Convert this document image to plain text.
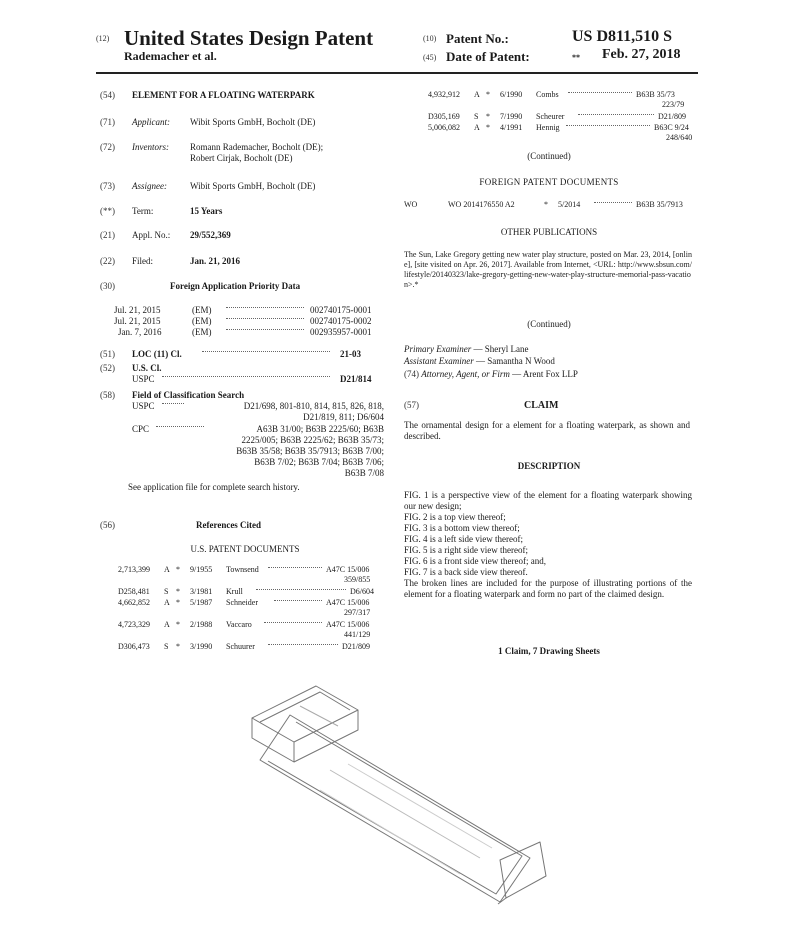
(12) United States Design Patent	(10) Patent No.:	US D811,510 S
Rademacher et al.	(45) Date of Patent:	** Feb. 27, 2018
(54) ELEMENT FOR A FLOATING WATERPARK
(71) Applicant: Wibit Sports GmbH, Bocholt (DE)
(72) Inventors: Romann Rademacher, Bocholt (DE);
Robert Cirjak, Bocholt (DE)
(73) Assignee:	Wibit Sports GmbH, Bocholt (DE)
(**) Term:	15 Years
(21) Appl. No.: 29/552,369
(22) Filed:	Jan. 21, 2016
(30)	Foreign Application Priority Data
Jul. 21, 2015	(EM)	002740175-0001
Jul. 21, 2015	(EM)	002740175-0002
Jan. 7, 2016	(EM)	002935957-0001
(51) LOC (11) Cl.	21-03
(52) U.S. Cl.
USPC	D21/814
(58) Field of Classification Search
USPC	D21/698, 801-810, 814, 815, 826, 818,
D21/819, 811; D6/604
CPC	A63B 31/00; B63B 2225/60; B63B
2225/005; B63B 2225/62; B63B 35/73;
B63B 35/58; B63B 35/7913; B63B 7/00;
B63B 7/02; B63B 7/04; B63B 7/06;
B63B 7/08
See application file for complete search history.
(56)	References Cited
U.S. PATENT DOCUMENTS
2,713,399 A * 9/1955 Townsend	A47C 15/006
359/855
D258,481 S * 3/1981 Krull	D6/604
4,662,852 A * 5/1987 Schneider	A47C 15/006
297/317
4,723,329 A * 2/1988 Vaccaro	A47C 15/006
441/129
D306,473 S * 3/1990 Schuurer	D21/809
4,932,912 A * 6/1990 Combs	B63B 35/73
223/79
D305,169 S * 7/1990 Scheurer	D21/809
5,006,082 A * 4/1991 Hennig	B63C 9/24
248/640
(Continued)
FOREIGN PATENT DOCUMENTS
WO	WO 2014176550 A2	* 5/2014	B63B 35/7913
OTHER PUBLICATIONS
The Sun, Lake Gregory getting new water play structure, posted on Mar. 23, 2014, [online], [site visited on Apr. 26, 2017]. Available from Internet, <URL: http://www.sbsun.com/lifestyle/20140323/lake-gregory-getting-new-water-play-structure-memorial-pass-vacation>.*
(Continued)
Primary Examiner — Sheryl Lane
Assistant Examiner — Samantha N Wood
(74) Attorney, Agent, or Firm — Arent Fox LLP
(57)	CLAIM
The ornamental design for a element for a floating waterpark, as shown and described.
DESCRIPTION
FIG. 1 is a perspective view of the element for a floating waterpark showing our new design;
FIG. 2 is a top view thereof;
FIG. 3 is a bottom view thereof;
FIG. 4 is a left side view thereof;
FIG. 5 is a right side view thereof;
FIG. 6 is a front side view thereof; and,
FIG. 7 is a back side view thereof.
The broken lines are included for the purpose of illustrating portions of the element for a floating waterpark and form no part of the claimed design.
1 Claim, 7 Drawing Sheets
